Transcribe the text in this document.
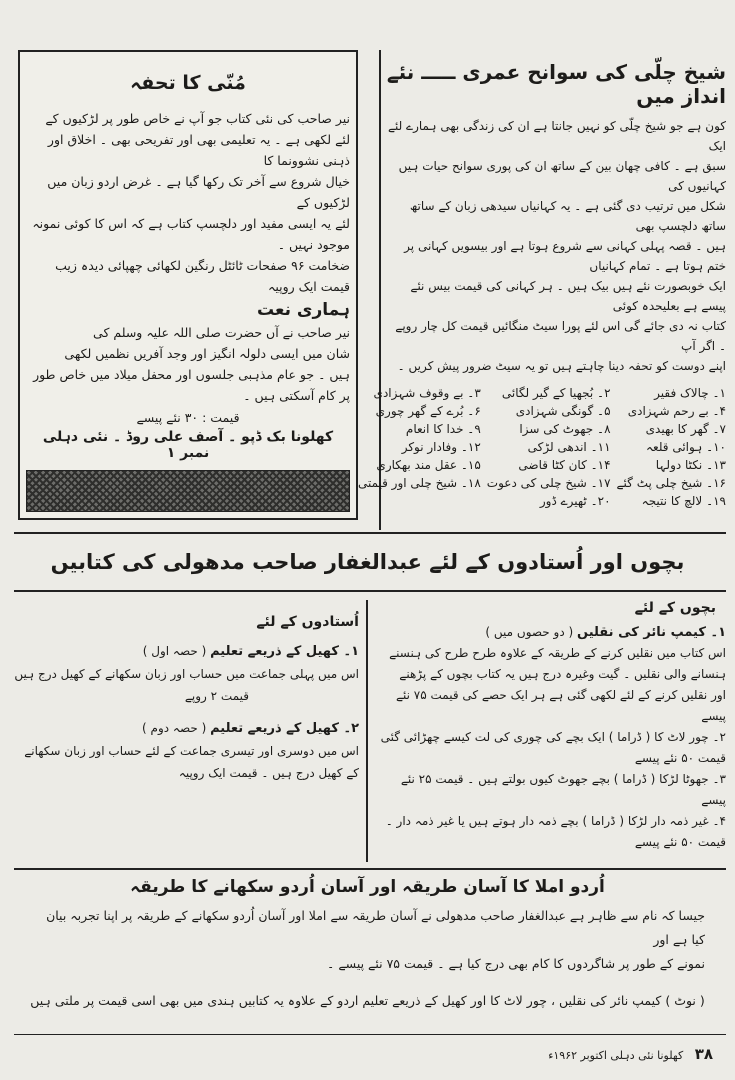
مُنّی کا تحفہ

نیر صاحب کی نئی کتاب جو آپ نے خاص طور پر لڑکیوں کے

لئے لکھی ہے ۔ یہ تعلیمی بھی اور تفریحی بھی ۔ اخلاق اور ذہنی نشوونما کا

خیال شروع سے آخر تک رکھا گیا ہے ۔ غرض اردو زبان میں لڑکیوں کے

لئے یہ ایسی مفید اور دلچسپ کتاب ہے کہ اس کا کوئی نمونہ موجود نہیں ۔

ضخامت ۹۶ صفحات ٹائٹل رنگین لکھائی چھپائی دیدہ زیب قیمت ایک روپیہ

ہماری نعت

نیر صاحب نے آں حضرت صلی اللہ علیہ وسلم کی

شان میں ایسی دلولہ انگیز اور وجد آفریں نظمیں لکھی

ہیں ۔ جو عام مذہبی جلسوں اور محفل میلاد میں خاص طور پر کام آسکتی ہیں ۔

قیمت : ۳۰ نئے پیسے
کھلونا بک ڈپو ۔ آصف علی روڈ ۔ نئی دہلی نمبر ۱
شیخ چلّی کی سوانح عمری ـــــ نئے انداز میں

کون ہے جو شیخ چلّی کو نہیں جانتا ہے ان کی زندگی بھی ہمارے لئے ایک

سبق ہے ۔ کافی چھان بین کے ساتھ ان کی پوری سوانح حیات ہیں کہانیوں کی

شکل میں ترتیب دی گئی ہے ۔ یہ کہانیاں سیدھی زبان کے ساتھ ساتھ دلچسپ بھی

ہیں ۔ قصہ پہلی کہانی سے شروع ہوتا ہے اور بیسویں کہانی پر ختم ہوتا ہے ۔ تمام کہانیاں

ایک خوبصورت نئے ہیں بیک ہیں ۔ ہر کہانی کی قیمت بیس نئے پیسے ہے بعلیحدہ کوئی

کتاب نہ دی جائے گی اس لئے پورا سیٹ منگائیں قیمت کل چار روپے ۔ اگر آپ

اپنے دوست کو تحفہ دینا چاہتے ہیں تو یہ سیٹ ضرور پیش کریں ۔

۱۔ چالاک فقیر
۲۔ بُجھیا کے گیر لگائی
۳۔ بے وقوف شہزادی
۴۔ بے رحم شہزادی
۵۔ گونگی شہزادی
۶۔ بُرے کے گھر چوری
۷۔ گھر کا بھیدی
۸۔ جھوٹ کی سزا
۹۔ خدا کا انعام
۱۰۔ ہوائی قلعہ
۱۱۔ اندھی لڑکی
۱۲۔ وفادار نوکر
۱۳۔ نکٹا دولہا
۱۴۔ کان کٹا قاضی
۱۵۔ عقل مند بھکاری
۱۶۔ شیخ چلی پٹ گئے
۱۷۔ شیخ چلی کی دعوت
۱۸۔ شیخ چلی اور قیمتی
۱۹۔ لالچ کا نتیجہ
۲۰۔ ٹھیرے ڈور
بچوں اور اُستادوں کے لئے عبدالغفار صاحب مدھولی کی کتابیں
بچوں کے لئے

۱۔ کیمپ نائر کی نقلیں ( دو حصوں میں )

اس کتاب میں نقلیں کرنے کے طریقہ کے علاوہ طرح طرح کی ہنسنے

ہنسانے والی نقلیں ۔ گیت وغیرہ درج ہیں یہ کتاب بچوں کے پڑھنے

اور نقلیں کرنے کے لئے لکھی گئی ہے ہر ایک حصے کی قیمت ۷۵ نئے پیسے

۲۔ چور لاٹ کا ( ڈراما ) ایک بچے کی چوری کی لت کیسے چھڑائی گئی قیمت ۵۰ نئے پیسے

۳۔ جھوٹا لڑکا ( ڈراما ) بچے جھوٹ کیوں بولتے ہیں ۔ قیمت ۲۵ نئے پیسے

۴۔ غیر ذمہ دار لڑکا ( ڈراما ) بچے ذمہ دار ہوتے ہیں یا غیر ذمہ دار ۔ قیمت ۵۰ نئے پیسے

اُستادوں کے لئے

۱۔ کھیل کے ذریعے تعلیم ( حصہ اول )

اس میں پہلی جماعت میں حساب اور زبان سکھانے کے کھیل درج ہیں

قیمت ۲ روپے

۲۔ کھیل کے ذریعے تعلیم ( حصہ دوم )

اس میں دوسری اور تیسری جماعت کے لئے حساب اور زبان سکھانے

کے کھیل درج ہیں ۔ قیمت ایک روپیہ

اُردو املا کا آسان طریقہ اور آسان اُردو سکھانے کا طریقہ

جیسا کہ نام سے ظاہر ہے عبدالغفار صاحب مدھولی نے آسان طریقہ سے املا اور آسان اُردو سکھانے کے طریقہ پر اپنا تجربہ بیان کیا ہے اور

نمونے کے طور پر شاگردوں کا کام بھی درج کیا ہے ۔ قیمت ۷۵ نئے پیسے ۔

( نوٹ ) کیمپ نائر کی نقلیں ، چور لاٹ کا اور کھیل کے ذریعے تعلیم اردو کے علاوہ یہ کتابیں ہندی میں بھی اسی قیمت پر ملتی ہیں
۳۸ کھلونا نئی دہلی اکتوبر ۱۹۶۲ء
